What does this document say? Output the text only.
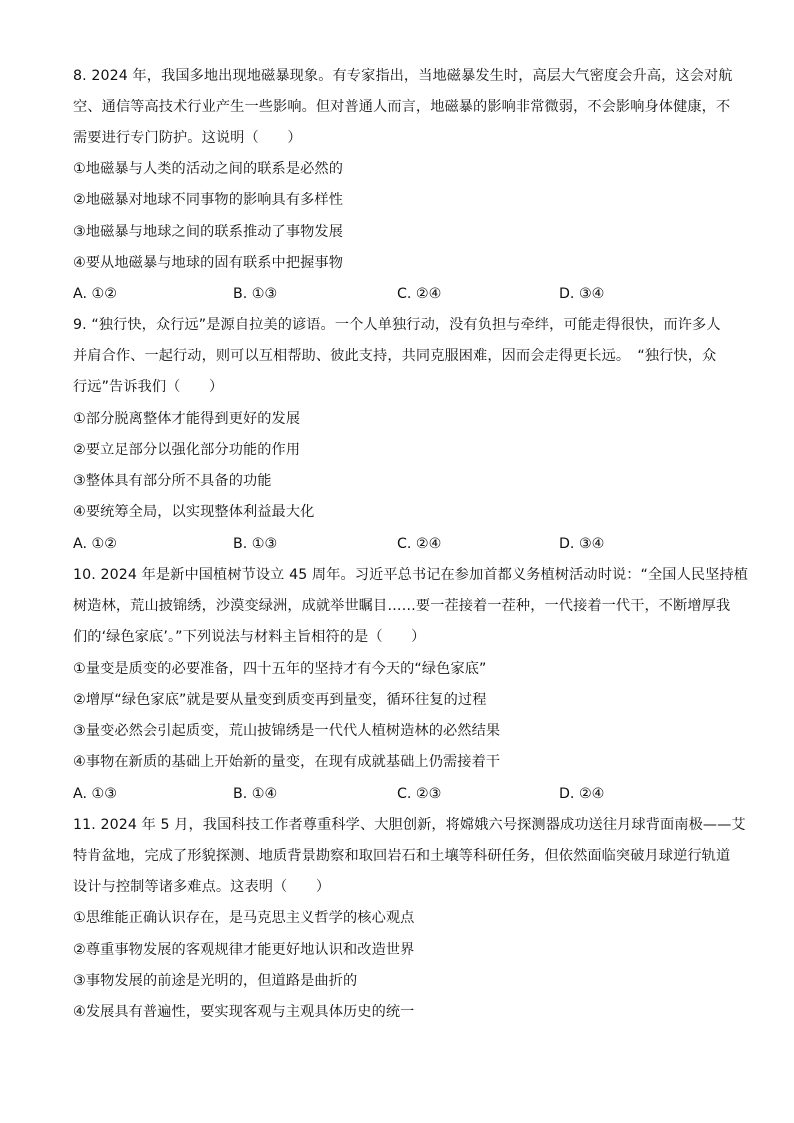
8. 2024 年，我国多地出现地磁暴现象。有专家指出，当地磁暴发生时，高层大气密度会升高，这会对航
空、通信等高技术行业产生一些影响。但对普通人而言，地磁暴的影响非常微弱，不会影响身体健康，不
需要进行专门防护。这说明（　　）
①地磁暴与人类的活动之间的联系是必然的
②地磁暴对地球不同事物的影响具有多样性
③地磁暴与地球之间的联系推动了事物发展
④要从地磁暴与地球的固有联系中把握事物
A. ①②	B. ①③	C. ②④	D. ③④
9. “独行快，众行远”是源自拉美的谚语。一个人单独行动，没有负担与牵绊，可能走得很快，而许多人
并肩合作、一起行动，则可以互相帮助、彼此支持，共同克服困难，因而会走得更长远。　“独行快，众
行远”告诉我们（　　）
①部分脱离整体才能得到更好的发展
②要立足部分以强化部分功能的作用
③整体具有部分所不具备的功能
④要统筹全局，以实现整体利益最大化
A. ①②	B. ①③	C. ②④	D. ③④
10. 2024 年是新中国植树节设立 45 周年。习近平总书记在参加首都义务植树活动时说：“全国人民坚持植
树造林，荒山披锦绣，沙漠变绿洲，成就举世瞩目……要一茬接着一茬种，一代接着一代干，不断增厚我
们的‘绿色家底’。”下列说法与材料主旨相符的是（　　）
①量变是质变的必要准备，四十五年的坚持才有今天的“绿色家底”
②增厚“绿色家底”就是要从量变到质变再到量变，循环往复的过程
③量变必然会引起质变，荒山披锦绣是一代代人植树造林的必然结果
④事物在新质的基础上开始新的量变，在现有成就基础上仍需接着干
A. ①③	B. ①④	C. ②③	D. ②④
11. 2024 年 5 月，我国科技工作者尊重科学、大胆创新，将嫦娥六号探测器成功送往月球背面南极——艾
特肯盆地，完成了形貌探测、地质背景勘察和取回岩石和土壤等科研任务，但依然面临突破月球逆行轨道
设计与控制等诸多难点。这表明（　　）
①思维能正确认识存在，是马克思主义哲学的核心观点
②尊重事物发展的客观规律才能更好地认识和改造世界
③事物发展的前途是光明的，但道路是曲折的
④发展具有普遍性，要实现客观与主观具体历史的统一
